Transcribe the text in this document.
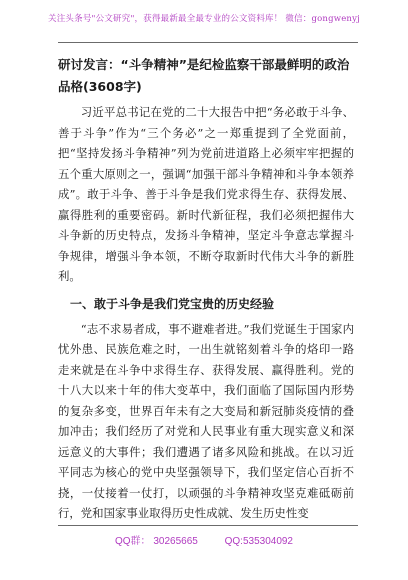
关注头条号"公文研究"，获得最新最全最专业的公文资料库！ 微信：gongwenyj
研讨发言：“斗争精神”是纪检监察干部最鲜明的政治品格(3608字)

习近平总书记在党的二十大报告中把“务必敢于斗争、善于斗争”作为“三个务必”之一郑重提到了全党面前，把“坚持发扬斗争精神”列为党前进道路上必须牢牢把握的五个重大原则之一，强调“加强干部斗争精神和斗争本领养成”。敢于斗争、善于斗争是我们党求得生存、获得发展、赢得胜利的重要密码。新时代新征程，我们必须把握伟大斗争新的历史特点，发扬斗争精神，坚定斗争意志掌握斗争规律，增强斗争本领，不断夺取新时代伟大斗争的新胜利。

一、敢于斗争是我们党宝贵的历史经验

“志不求易者成，事不避难者进。”我们党诞生于国家内忧外患、民族危难之时，一出生就铭刻着斗争的烙印一路走来就是在斗争中求得生存、获得发展、赢得胜利。党的十八大以来十年的伟大变革中，我们面临了国际国内形势的复杂多变，世界百年未有之大变局和新冠肺炎疫情的叠加冲击；我们经历了对党和人民事业有重大现实意义和深远意义的大事件；我们遭遇了诸多风险和挑战。在以习近平同志为核心的党中央坚强领导下，我们坚定信心百折不挠，一仗接着一仗打，以顽强的斗争精神攻坚克难砥砺前行，党和国家事业取得历史性成就、发生历史性变

QQ群： 30265665	QQ:535304092
